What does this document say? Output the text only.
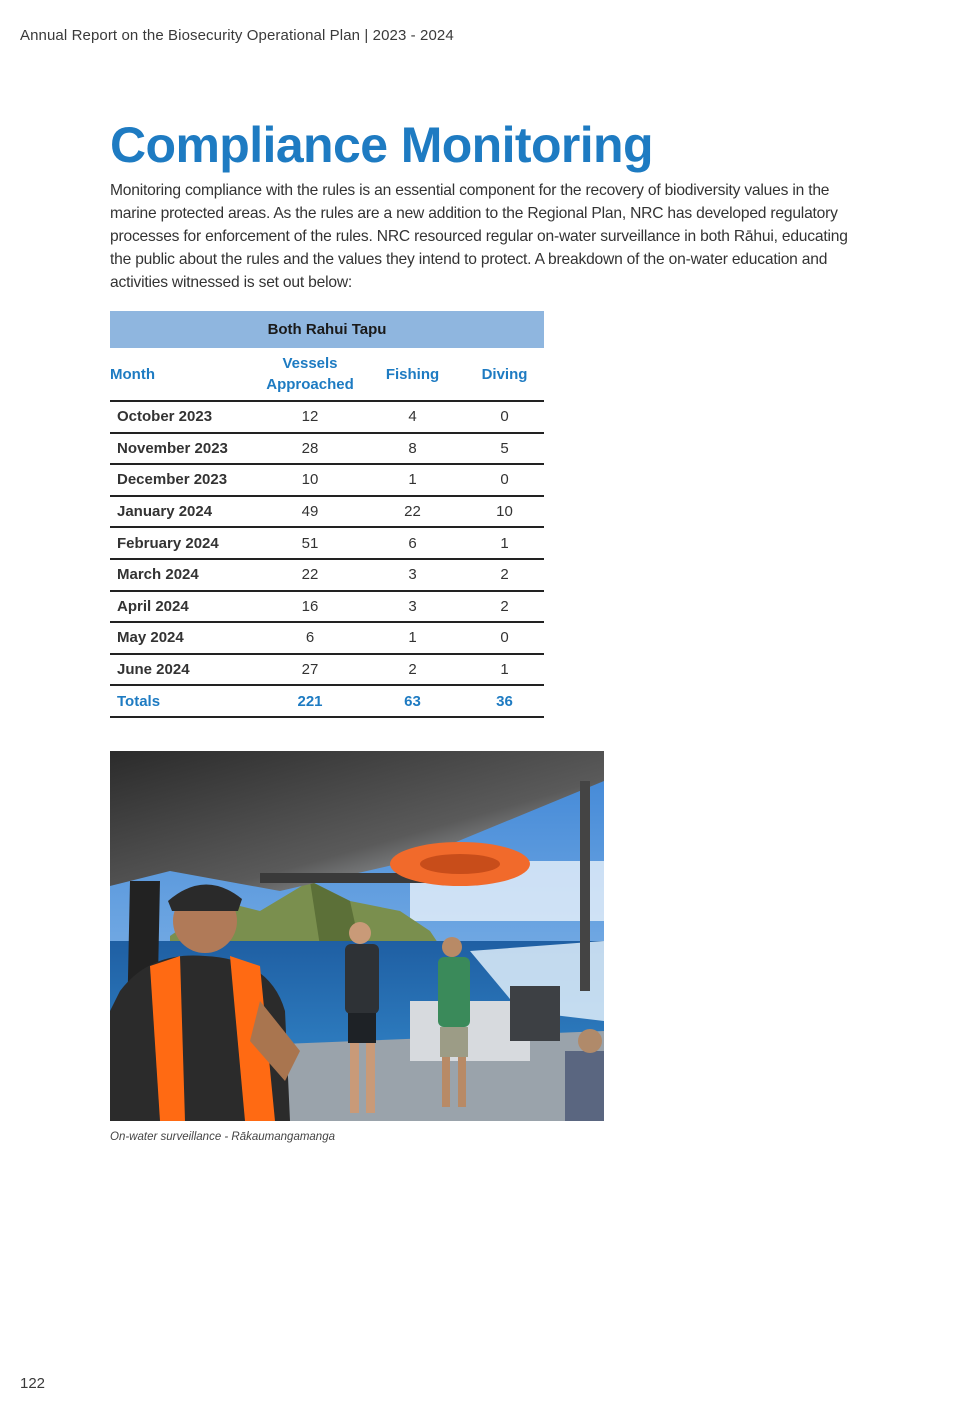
Annual Report on the Biosecurity Operational Plan | 2023 - 2024
Compliance Monitoring

Monitoring compliance with the rules is an essential component for the recovery of biodiversity values in the marine protected areas. As the rules are a new addition to the Regional Plan, NRC has developed regulatory processes for enforcement of the rules. NRC resourced regular on-water surveillance in both Rāhui, educating the public about the rules and the values they intend to protect. A breakdown of the on-water education and activities witnessed is set out below:

Both Rahui Tapu			
Month	Vessels Approached	Fishing	Diving
October 2023	12	4	0
November 2023	28	8	5
December 2023	10	1	0
January 2024	49	22	10
February 2024	51	6	1
March 2024	22	3	2
April 2024	16	3	2
May 2024	6	1	0
June 2024	27	2	1
Totals	221	63	36
On-water surveillance - Rākaumangamanga
122
